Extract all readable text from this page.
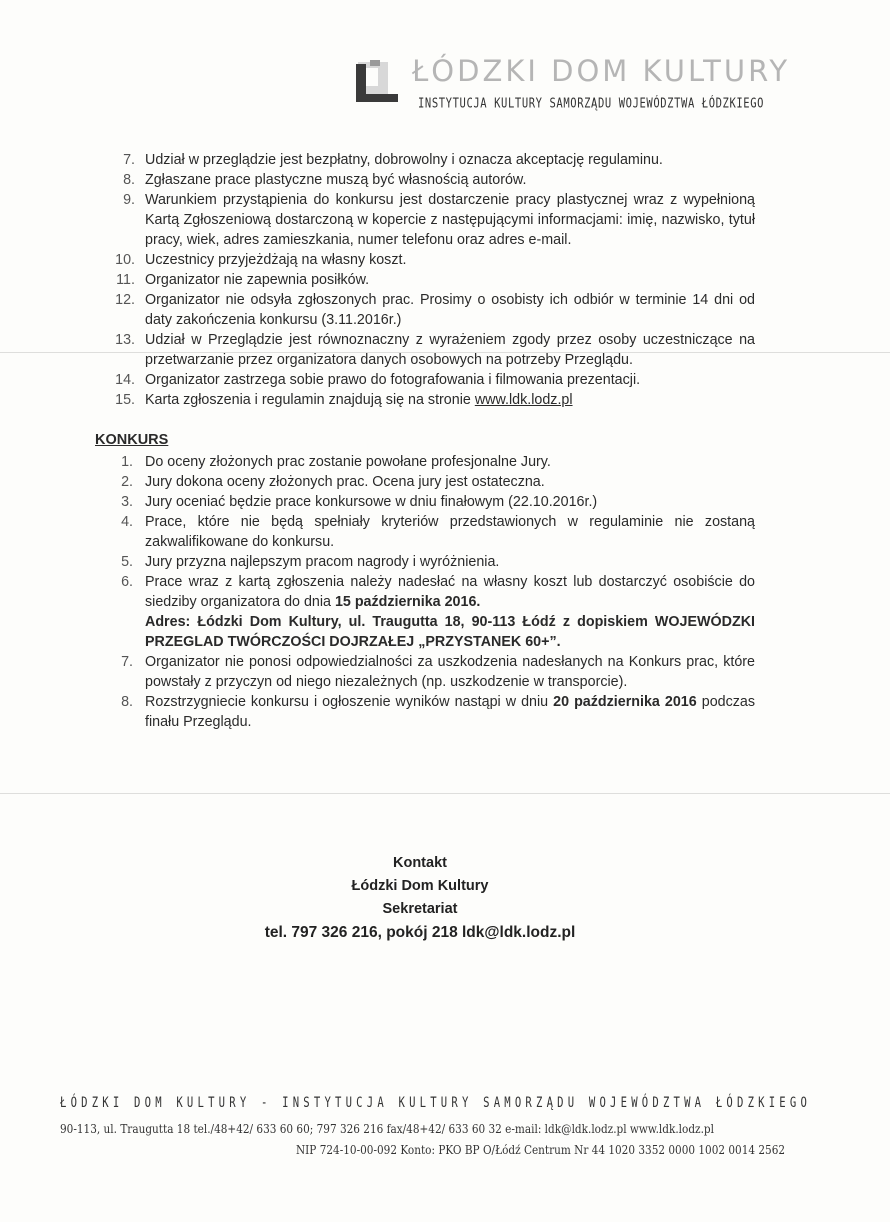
ŁÓDZKI DOM KULTURY
INSTYTUCJA KULTURY SAMORZĄDU WOJEWÓDZTWA ŁÓDZKIEGO
7. Udział w przeglądzie jest bezpłatny, dobrowolny i oznacza akceptację regulaminu.
8. Zgłaszane prace plastyczne muszą być własnością autorów.
9. Warunkiem przystąpienia do konkursu jest dostarczenie pracy plastycznej wraz z wypełnioną Kartą Zgłoszeniową dostarczoną w kopercie z następującymi informacjami: imię, nazwisko, tytuł pracy, wiek, adres zamieszkania, numer telefonu oraz adres e-mail.
10. Uczestnicy przyjeżdżają na własny koszt.
11. Organizator nie zapewnia posiłków.
12. Organizator nie odsyła zgłoszonych prac. Prosimy o osobisty ich odbiór w terminie 14 dni od daty zakończenia konkursu (3.11.2016r.)
13. Udział w Przeglądzie jest równoznaczny z wyrażeniem zgody przez osoby uczestniczące na przetwarzanie przez organizatora danych osobowych na potrzeby Przeglądu.
14. Organizator zastrzega sobie prawo do fotografowania i filmowania prezentacji.
15. Karta zgłoszenia i regulamin znajdują się na stronie www.ldk.lodz.pl
KONKURS
1. Do oceny złożonych prac zostanie powołane profesjonalne Jury.
2. Jury dokona oceny złożonych prac. Ocena jury jest ostateczna.
3. Jury oceniać będzie prace konkursowe w dniu finałowym (22.10.2016r.)
4. Prace, które nie będą spełniały kryteriów przedstawionych w regulaminie nie zostaną zakwalifikowane do konkursu.
5. Jury przyzna najlepszym pracom nagrody i wyróżnienia.
6. Prace wraz z kartą zgłoszenia należy nadesłać na własny koszt lub dostarczyć osobiście do siedziby organizatora do dnia 15 października 2016.
Adres: Łódzki Dom Kultury, ul. Traugutta 18, 90-113 Łódź z dopiskiem WOJEWÓDZKI PRZEGLAD TWÓRCZOŚCI DOJRZAŁEJ „PRZYSTANEK 60+”.
7. Organizator nie ponosi odpowiedzialności za uszkodzenia nadesłanych na Konkurs prac, które powstały z przyczyn od niego niezależnych (np. uszkodzenie w transporcie).
8. Rozstrzygniecie konkursu i ogłoszenie wyników nastąpi w dniu 20 października 2016 podczas finału Przeglądu.
Kontakt
Łódzki Dom Kultury
Sekretariat
tel. 797 326 216, pokój 218 ldk@ldk.lodz.pl
ŁÓDZKI DOM KULTURY - INSTYTUCJA KULTURY SAMORZĄDU WOJEWÓDZTWA ŁÓDZKIEGO
90-113, ul. Traugutta 18 tel./48+42/ 633 60 60; 797 326 216 fax/48+42/ 633 60 32 e-mail: ldk@ldk.lodz.pl www.ldk.lodz.pl
NIP 724-10-00-092 Konto: PKO BP O/Łódź Centrum Nr 44 1020 3352 0000 1002 0014 2562
